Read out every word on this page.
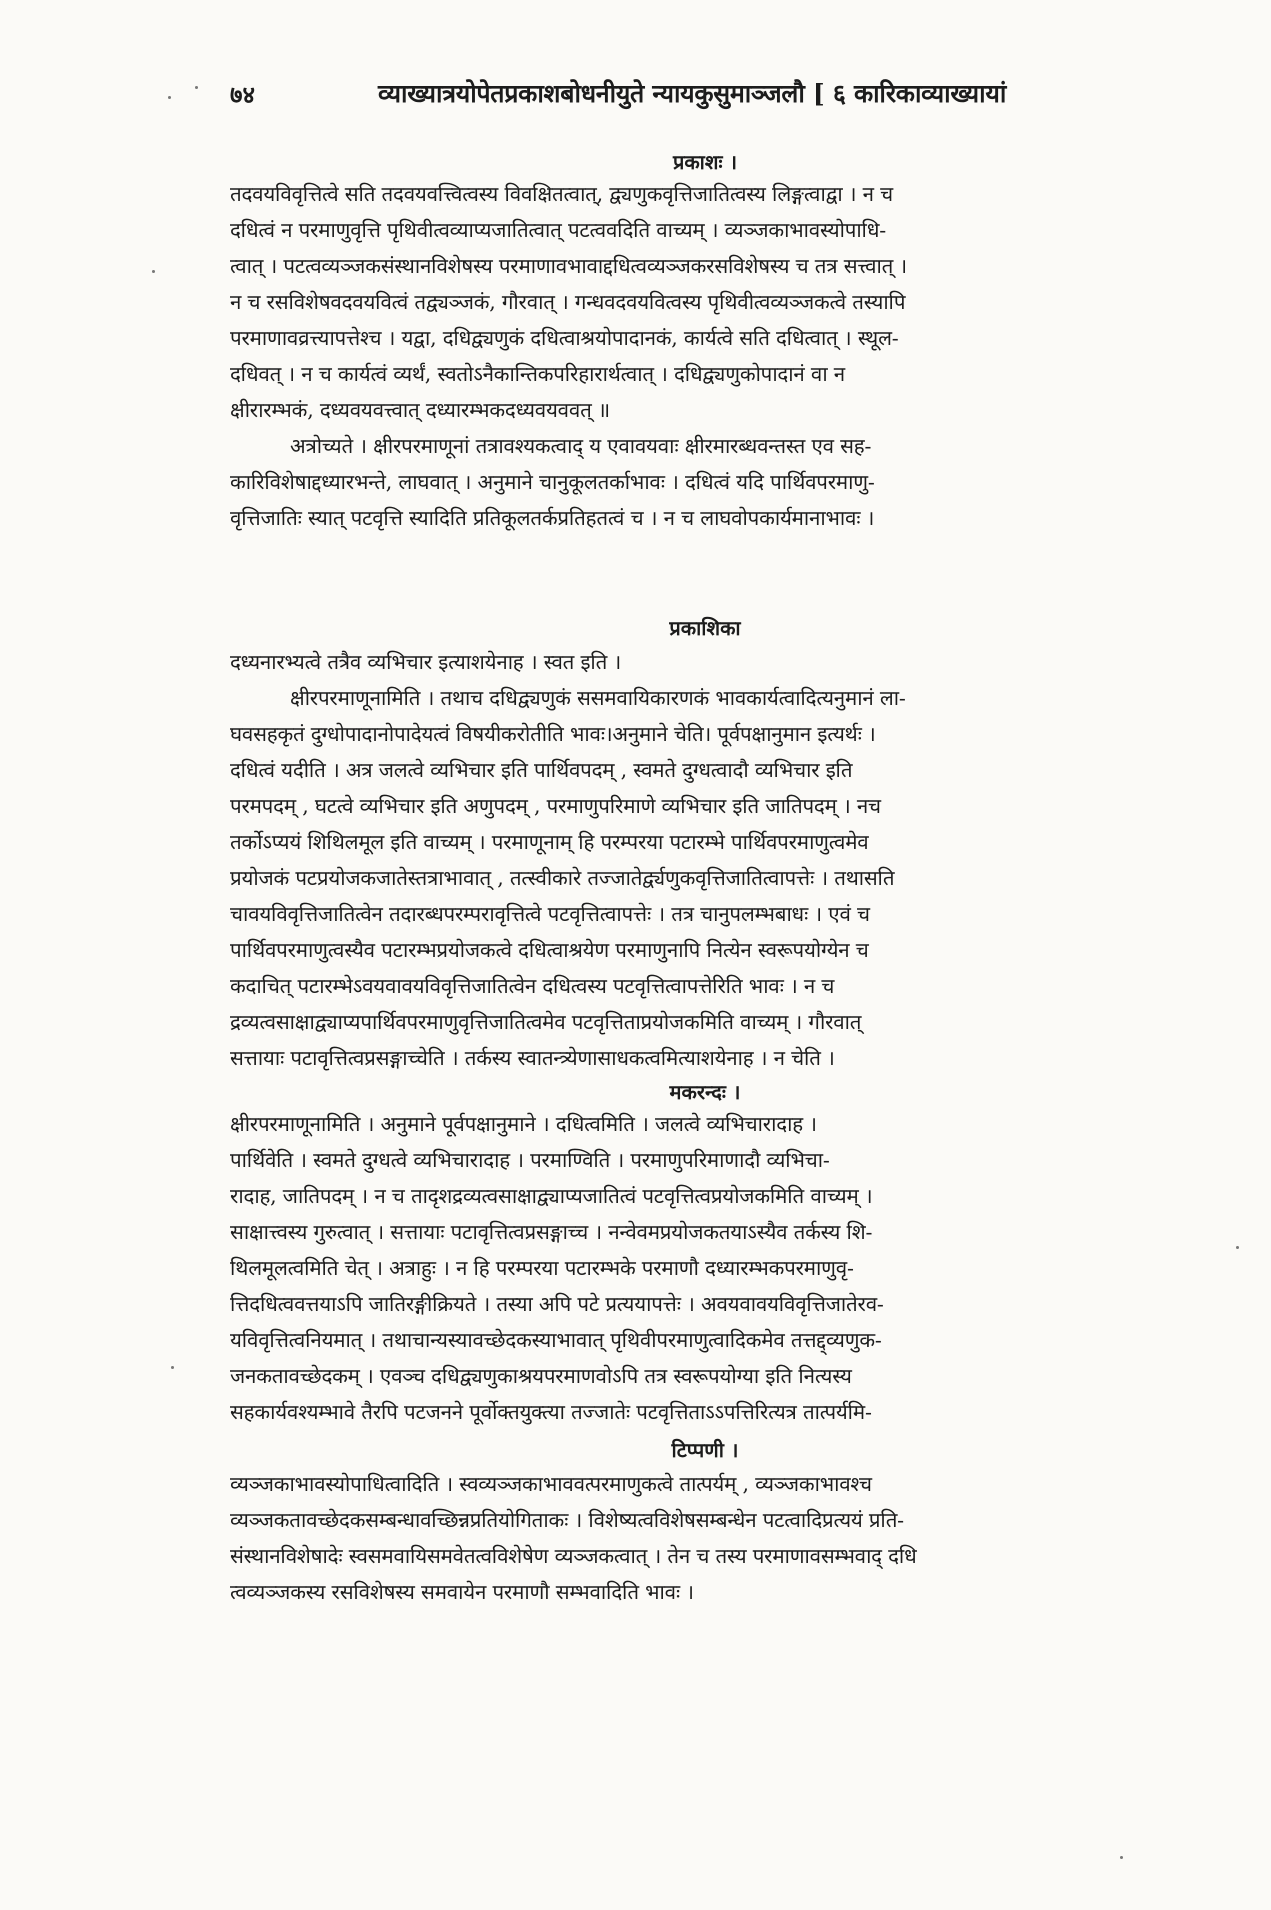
७४	व्याख्यात्रयोपेतप्रकाशबोधनीयुते न्यायकुसुमाञ्जलौ [ ६ कारिकाव्याख्यायां
प्रकाशः ।
तदवयविवृत्तित्वे सति तदवयवत्त्वित्वस्य विवक्षितत्वात्, द्व्यणुकवृत्तिजातित्वस्य लिङ्गत्वाद्वा । न च
दधित्वं न परमाणुवृत्ति पृथिवीत्वव्याप्यजातित्वात् पटत्ववदिति वाच्यम् । व्यञ्जकाभावस्योपाधि-
त्वात् । पटत्वव्यञ्जकसंस्थानविशेषस्य परमाणावभावाद्दधित्वव्यञ्जकरसविशेषस्य च तत्र सत्त्वात् ।
न च रसविशेषवदवयवित्वं तद्व्यञ्जकं, गौरवात् । गन्धवदवयवित्वस्य पृथिवीत्वव्यञ्जकत्वे तस्यापि
परमाणावव्रत्त्यापत्तेश्च । यद्वा, दधिद्व्यणुकं दधित्वाश्रयोपादानकं, कार्यत्वे सति दधित्वात् । स्थूल-
दधिवत् । न च कार्यत्वं व्यर्थं, स्वतोऽनैकान्तिकपरिहारार्थत्वात् । दधिद्व्यणुकोपादानं वा न
क्षीरारम्भकं, दध्यवयवत्त्वात् दध्यारम्भकदध्यवयववत् ॥
अत्रोच्यते । क्षीरपरमाणूनां तत्रावश्यकत्वाद् य एवावयवाः क्षीरमारब्धवन्तस्त एव सह-
कारिविशेषाद्दध्यारभन्ते, लाघवात् । अनुमाने चानुकूलतर्काभावः । दधित्वं यदि पार्थिवपरमाणु-
वृत्तिजातिः स्यात् पटवृत्ति स्यादिति प्रतिकूलतर्कप्रतिहतत्वं च । न च लाघवोपकार्यमानाभावः ।
प्रकाशिका
दध्यनारभ्यत्वे तत्रैव व्यभिचार इत्याशयेनाह । स्वत इति ।
क्षीरपरमाणूनामिति । तथाच दधिद्व्यणुकं ससमवायिकारणकं भावकार्यत्वादित्यनुमानं ला-
घवसहकृतं दुग्धोपादानोपादेयत्वं विषयीकरोतीति भावः।अनुमाने चेति। पूर्वपक्षानुमान इत्यर्थः ।
दधित्वं यदीति । अत्र जलत्वे व्यभिचार इति पार्थिवपदम् , स्वमते दुग्धत्वादौ व्यभिचार इति
परमपदम् , घटत्वे व्यभिचार इति अणुपदम् , परमाणुपरिमाणे व्यभिचार इति जातिपदम् । नच
तर्कोऽप्ययं शिथिलमूल इति वाच्यम् । परमाणूनाम् हि परम्परया पटारम्भे पार्थिवपरमाणुत्वमेव
प्रयोजकं पटप्रयोजकजातेस्तत्राभावात् , तत्स्वीकारे तज्जातेर्द्व्यणुकवृत्तिजातित्वापत्तेः । तथासति
चावयविवृत्तिजातित्वेन तदारब्धपरम्परावृत्तित्वे पटवृत्तित्वापत्तेः । तत्र चानुपलम्भबाधः । एवं च
पार्थिवपरमाणुत्वस्यैव पटारम्भप्रयोजकत्वे दधित्वाश्रयेण परमाणुनापि नित्येन स्वरूपयोग्येन च
कदाचित् पटारम्भेऽवयवावयविवृत्तिजातित्वेन दधित्वस्य पटवृत्तित्वापत्तेरिति भावः । न च
द्रव्यत्वसाक्षाद्व्याप्यपार्थिवपरमाणुवृत्तिजातित्वमेव पटवृत्तिताप्रयोजकमिति वाच्यम् । गौरवात्
सत्तायाः पटावृत्तित्वप्रसङ्गाच्चेति । तर्कस्य स्वातन्त्र्येणासाधकत्वमित्याशयेनाह । न चेति ।
मकरन्दः ।
क्षीरपरमाणूनामिति । अनुमाने पूर्वपक्षानुमाने । दधित्वमिति । जलत्वे व्यभिचारादाह ।
पार्थिवेति । स्वमते दुग्धत्वे व्यभिचारादाह । परमाण्विति । परमाणुपरिमाणादौ व्यभिचा-
रादाह, जातिपदम् । न च तादृशद्रव्यत्वसाक्षाद्व्याप्यजातित्वं पटवृत्तित्वप्रयोजकमिति वाच्यम् ।
साक्षात्त्वस्य गुरुत्वात् । सत्तायाः पटावृत्तित्वप्रसङ्गाच्च । नन्वेवमप्रयोजकतयाऽस्यैव तर्कस्य शि-
थिलमूलत्वमिति चेत् । अत्राहुः । न हि परम्परया पटारम्भके परमाणौ दध्यारम्भकपरमाणुवृ-
त्तिदधित्ववत्तयाऽपि जातिरङ्गीक्रियते । तस्या अपि पटे प्रत्ययापत्तेः । अवयवावयविवृत्तिजातेरव-
यविवृत्तित्वनियमात् । तथाचान्यस्यावच्छेदकस्याभावात् पृथिवीपरमाणुत्वादिकमेव तत्तद्द्व्यणुक-
जनकतावच्छेदकम् । एवञ्च दधिद्व्यणुकाश्रयपरमाणवोऽपि तत्र स्वरूपयोग्या इति नित्यस्य
सहकार्यवश्यम्भावे तैरपि पटजनने पूर्वोक्तयुक्त्या तज्जातेः पटवृत्तिताऽऽपत्तिरित्यत्र तात्पर्यमि-
टिप्पणी ।
व्यञ्जकाभावस्योपाधित्वादिति । स्वव्यञ्जकाभाववत्परमाणुकत्वे तात्पर्यम् , व्यञ्जकाभावश्च
व्यञ्जकतावच्छेदकसम्बन्धावच्छिन्नप्रतियोगिताकः । विशेष्यत्वविशेषसम्बन्धेन पटत्वादिप्रत्ययं प्रति-
संस्थानविशेषादेः स्वसमवायिसमवेतत्वविशेषेण व्यञ्जकत्वात् । तेन च तस्य परमाणावसम्भवाद् दधि
त्वव्यञ्जकस्य रसविशेषस्य समवायेन परमाणौ सम्भवादिति भावः ।
